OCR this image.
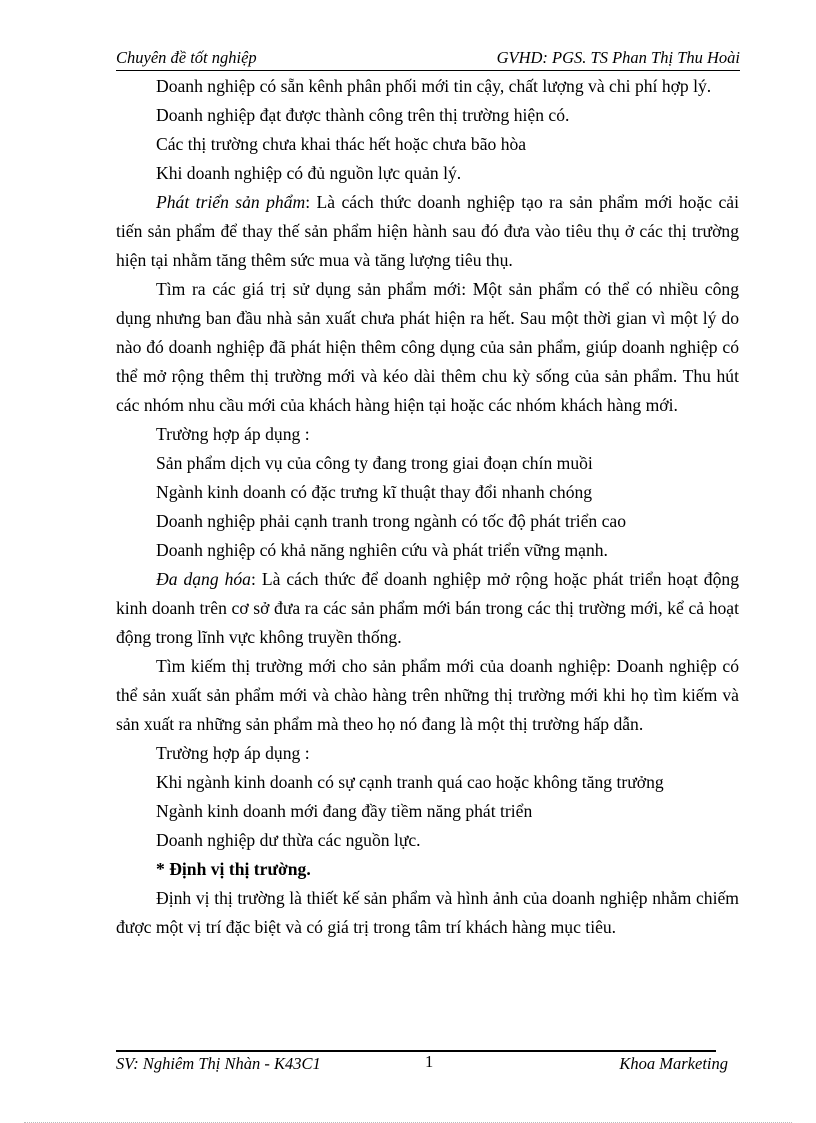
Chuyên đề tốt nghiệp	GVHD: PGS. TS Phan Thị Thu Hoài

Doanh nghiệp có sẵn kênh phân phối mới tin cậy, chất lượng và chi phí hợp lý.

Doanh nghiệp đạt được thành công trên thị trường hiện có.

Các thị trường chưa khai thác hết hoặc chưa bão hòa

Khi doanh nghiệp có đủ nguồn lực quản lý.

Phát triển sản phẩm: Là cách thức doanh nghiệp tạo ra sản phẩm mới hoặc cải tiến sản phẩm để thay thế sản phẩm hiện hành sau đó đưa vào tiêu thụ ở các thị trường hiện tại nhằm tăng thêm sức mua và tăng lượng tiêu thụ.

Tìm ra các giá trị sử dụng sản phẩm mới: Một sản phẩm có thể có nhiều công dụng nhưng ban đầu nhà sản xuất chưa phát hiện ra hết. Sau một thời gian vì một lý do nào đó doanh nghiệp đã phát hiện thêm công dụng của sản phẩm, giúp doanh nghiệp có thể mở rộng thêm thị trường mới và kéo dài thêm chu kỳ sống của sản phẩm. Thu hút các nhóm nhu cầu mới của khách hàng hiện tại hoặc các nhóm khách hàng mới.

Trường hợp áp dụng :

Sản phẩm dịch vụ của công ty đang trong giai đoạn chín muồi

Ngành kinh doanh có đặc trưng kĩ thuật thay đổi nhanh chóng

Doanh nghiệp phải cạnh tranh trong ngành có tốc độ phát triển cao

Doanh nghiệp có khả năng nghiên cứu và phát triển vững mạnh.

Đa dạng hóa: Là cách thức để doanh nghiệp mở rộng hoặc phát triển hoạt động kinh doanh trên cơ sở đưa ra các sản phẩm mới bán trong các thị trường mới, kể cả hoạt động trong lĩnh vực không truyền thống.

Tìm kiếm thị trường mới cho sản phẩm mới của doanh nghiệp: Doanh nghiệp có thể sản xuất sản phẩm mới và chào hàng trên những thị trường mới khi họ tìm kiếm và sản xuất ra những sản phẩm mà theo họ nó đang là một thị trường hấp dẫn.

Trường hợp áp dụng :

Khi ngành kinh doanh có sự cạnh tranh quá cao hoặc không tăng trưởng

Ngành kinh doanh mới đang đầy tiềm năng phát triển

Doanh nghiệp dư thừa các nguồn lực.

* Định vị thị trường.

Định vị thị trường là thiết kế sản phẩm và hình ảnh của doanh nghiệp nhằm chiếm được một vị trí đặc biệt và có giá trị trong tâm trí khách hàng mục tiêu.

SV: Nghiêm Thị Nhàn - K43C1	1	Khoa Marketing
